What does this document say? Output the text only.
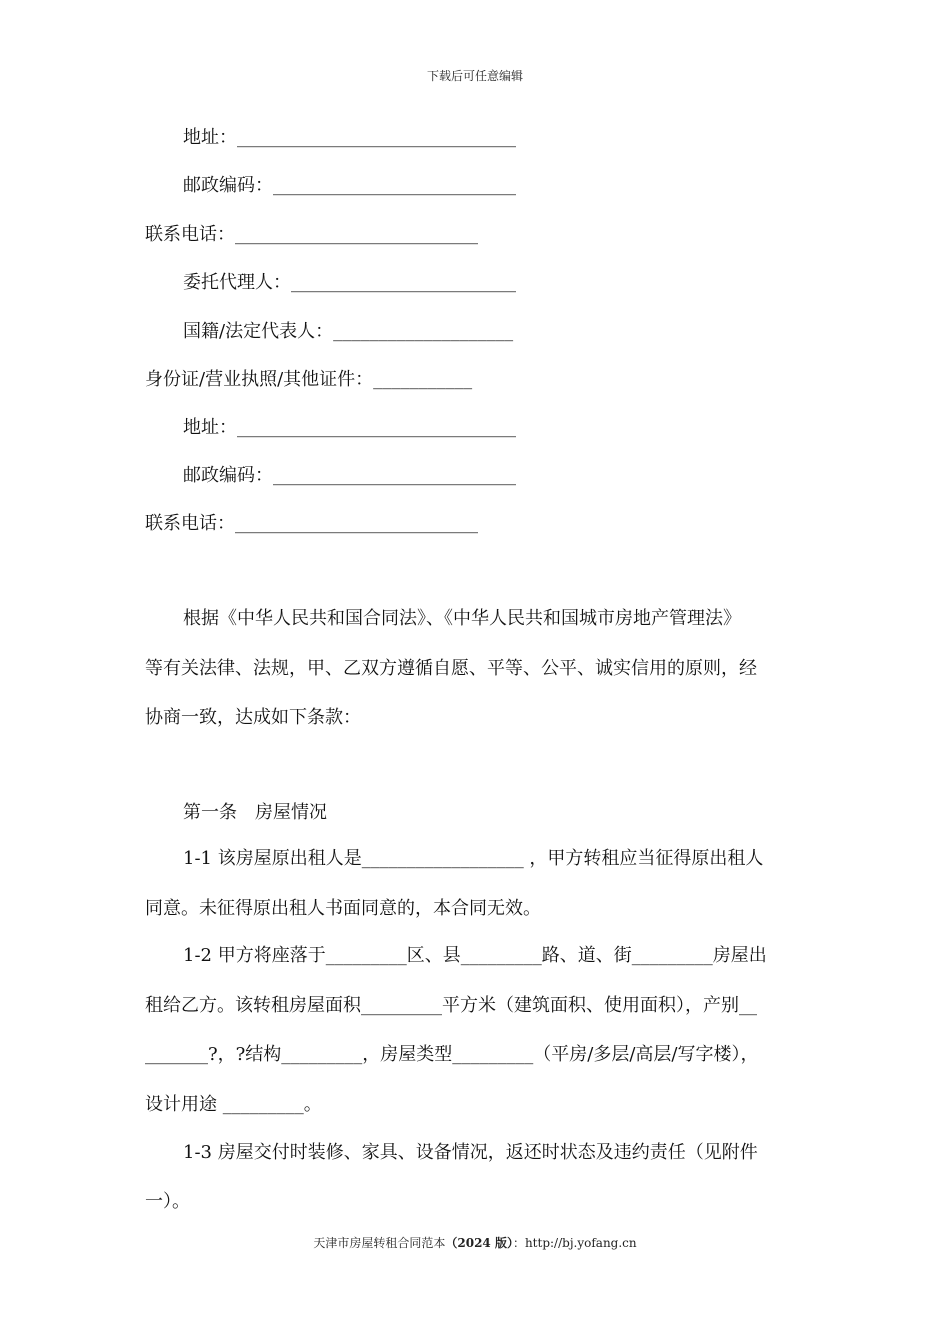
下载后可任意编辑
地址：_______________________________
邮政编码：___________________________
联系电话：___________________________
委托代理人：_________________________
国籍/法定代表人：____________________
身份证/营业执照/其他证件：___________
地址：_______________________________
邮政编码：___________________________
联系电话：___________________________
根据《中华人民共和国合同法》、《中华人民共和国城市房地产管理法》
等有关法律、法规，甲、乙双方遵循自愿、平等、公平、诚实信用的原则，经
协商一致，达成如下条款：
第一条　房屋情况
1-1 该房屋原出租人是__________________ ，甲方转租应当征得原出租人
同意。未征得原出租人书面同意的，本合同无效。
1-2 甲方将座落于_________区、县_________路、道、街_________房屋出
租给乙方。该转租房屋面积_________平方米（建筑面积、使用面积），产别__
_______?，?结构_________，房屋类型_________（平房/多层/高层/写字楼），
设计用途 _________。
1-3 房屋交付时装修、家具、设备情况，返还时状态及违约责任（见附件
一）。
天津市房屋转租合同范本（2024 版）：http://bj.yofang.cn
